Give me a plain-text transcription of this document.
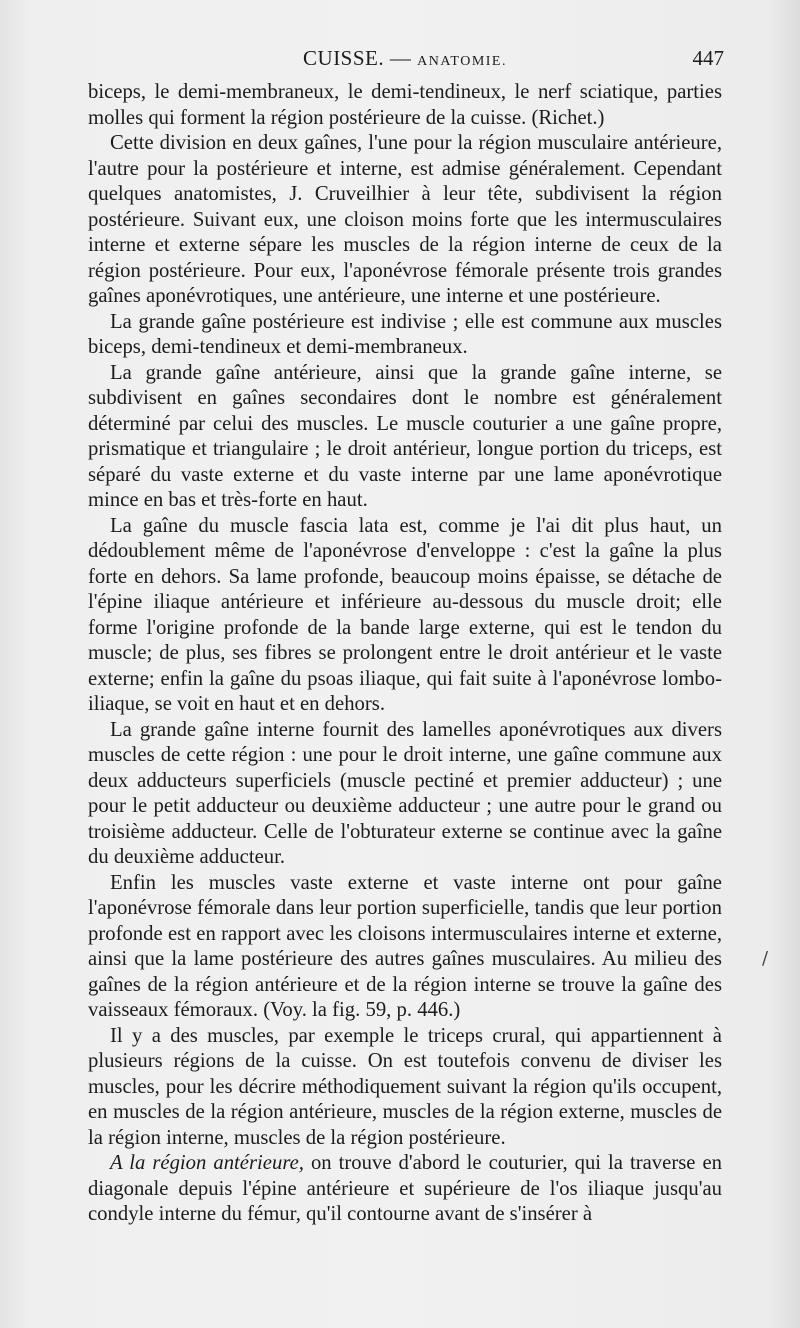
CUISSE. — ANATOMIE.	447

biceps, le demi-membraneux, le demi-tendineux, le nerf sciatique, parties molles qui forment la région postérieure de la cuisse. (Richet.)

Cette division en deux gaînes, l'une pour la région musculaire antérieure, l'autre pour la postérieure et interne, est admise généralement. Cependant quelques anatomistes, J. Cruveilhier à leur tête, subdivisent la région postérieure. Suivant eux, une cloison moins forte que les intermusculaires interne et externe sépare les muscles de la région interne de ceux de la région postérieure. Pour eux, l'aponévrose fémorale présente trois grandes gaînes aponévrotiques, une antérieure, une interne et une postérieure.

La grande gaîne postérieure est indivise ; elle est commune aux muscles biceps, demi-tendineux et demi-membraneux.

La grande gaîne antérieure, ainsi que la grande gaîne interne, se subdivisent en gaînes secondaires dont le nombre est généralement déterminé par celui des muscles. Le muscle couturier a une gaîne propre, prismatique et triangulaire ; le droit antérieur, longue portion du triceps, est séparé du vaste externe et du vaste interne par une lame aponévrotique mince en bas et très-forte en haut.

La gaîne du muscle fascia lata est, comme je l'ai dit plus haut, un dédoublement même de l'aponévrose d'enveloppe : c'est la gaîne la plus forte en dehors. Sa lame profonde, beaucoup moins épaisse, se détache de l'épine iliaque antérieure et inférieure au-dessous du muscle droit; elle forme l'origine profonde de la bande large externe, qui est le tendon du muscle; de plus, ses fibres se prolongent entre le droit antérieur et le vaste externe; enfin la gaîne du psoas iliaque, qui fait suite à l'aponévrose lombo-iliaque, se voit en haut et en dehors.

La grande gaîne interne fournit des lamelles aponévrotiques aux divers muscles de cette région : une pour le droit interne, une gaîne commune aux deux adducteurs superficiels (muscle pectiné et premier adducteur) ; une pour le petit adducteur ou deuxième adducteur ; une autre pour le grand ou troisième adducteur. Celle de l'obturateur externe se continue avec la gaîne du deuxième adducteur.

Enfin les muscles vaste externe et vaste interne ont pour gaîne l'aponévrose fémorale dans leur portion superficielle, tandis que leur portion profonde est en rapport avec les cloisons intermusculaires interne et externe, ainsi que la lame postérieure des autres gaînes musculaires. Au milieu des gaînes de la région antérieure et de la région interne se trouve la gaîne des vaisseaux fémoraux. (Voy. la fig. 59, p. 446.)

Il y a des muscles, par exemple le triceps crural, qui appartiennent à plusieurs régions de la cuisse. On est toutefois convenu de diviser les muscles, pour les décrire méthodiquement suivant la région qu'ils occupent, en muscles de la région antérieure, muscles de la région externe, muscles de la région interne, muscles de la région postérieure.

A la région antérieure, on trouve d'abord le couturier, qui la traverse en diagonale depuis l'épine antérieure et supérieure de l'os iliaque jusqu'au condyle interne du fémur, qu'il contourne avant de s'insérer à

/
